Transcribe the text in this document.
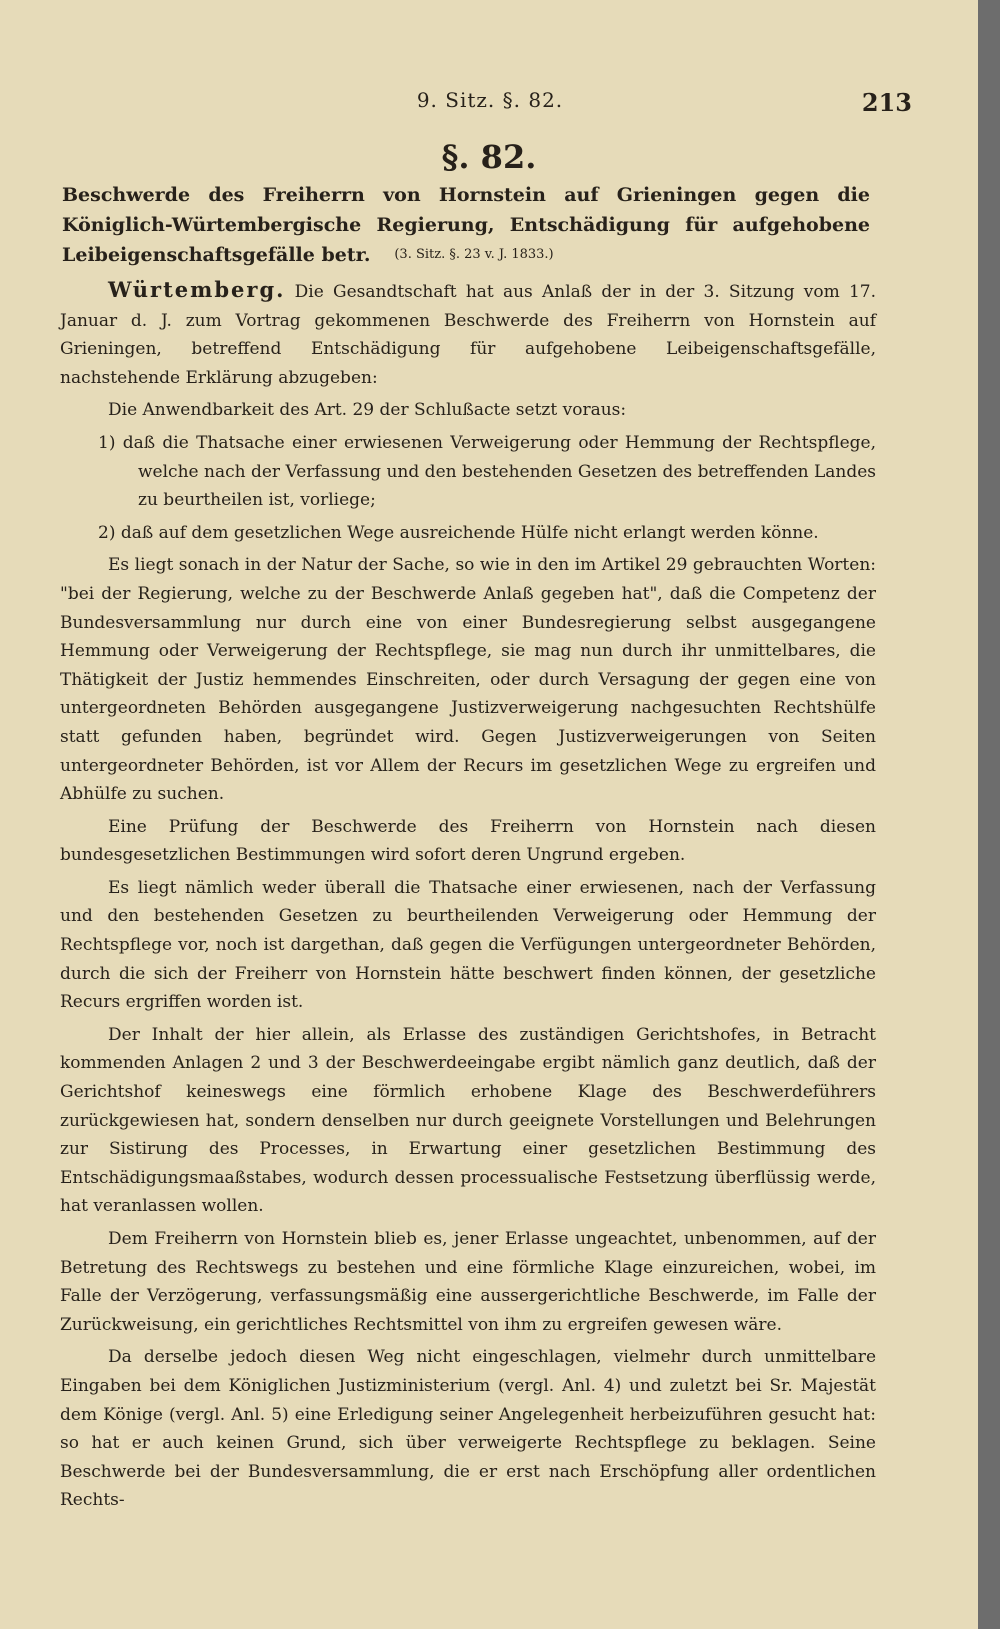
9. Sitz. §. 82.	213
§. 82.
Beschwerde des Freiherrn von Hornstein auf Grieningen gegen die Königlich-Würtembergische Regierung, Entschädigung für aufgehobene Leibeigenschaftsgefälle betr.	(3. Sitz. §. 23 v. J. 1833.)

Würtemberg. Die Gesandtschaft hat aus Anlaß der in der 3. Sitzung vom 17. Januar d. J. zum Vortrag gekommenen Beschwerde des Freiherrn von Hornstein auf Grieningen, betreffend Entschädigung für aufgehobene Leibeigenschaftsgefälle, nachstehende Erklärung abzugeben:

Die Anwendbarkeit des Art. 29 der Schlußacte setzt voraus:

1) daß die Thatsache einer erwiesenen Verweigerung oder Hemmung der Rechtspflege, welche nach der Verfassung und den bestehenden Gesetzen des betreffenden Landes zu beurtheilen ist, vorliege;

2) daß auf dem gesetzlichen Wege ausreichende Hülfe nicht erlangt werden könne.

Es liegt sonach in der Natur der Sache, so wie in den im Artikel 29 gebrauchten Worten: "bei der Regierung, welche zu der Beschwerde Anlaß gegeben hat", daß die Competenz der Bundesversammlung nur durch eine von einer Bundesregierung selbst ausgegangene Hemmung oder Verweigerung der Rechtspflege, sie mag nun durch ihr unmittelbares, die Thätigkeit der Justiz hemmendes Einschreiten, oder durch Versagung der gegen eine von untergeordneten Behörden ausgegangene Justizverweigerung nachgesuchten Rechtshülfe statt gefunden haben, begründet wird. Gegen Justizverweigerungen von Seiten untergeordneter Behörden, ist vor Allem der Recurs im gesetzlichen Wege zu ergreifen und Abhülfe zu suchen.

Eine Prüfung der Beschwerde des Freiherrn von Hornstein nach diesen bundesgesetzlichen Bestimmungen wird sofort deren Ungrund ergeben.

Es liegt nämlich weder überall die Thatsache einer erwiesenen, nach der Verfassung und den bestehenden Gesetzen zu beurtheilenden Verweigerung oder Hemmung der Rechtspflege vor, noch ist dargethan, daß gegen die Verfügungen untergeordneter Behörden, durch die sich der Freiherr von Hornstein hätte beschwert finden können, der gesetzliche Recurs ergriffen worden ist.

Der Inhalt der hier allein, als Erlasse des zuständigen Gerichtshofes, in Betracht kommenden Anlagen 2 und 3 der Beschwerdeeingabe ergibt nämlich ganz deutlich, daß der Gerichtshof keineswegs eine förmlich erhobene Klage des Beschwerdeführers zurückgewiesen hat, sondern denselben nur durch geeignete Vorstellungen und Belehrungen zur Sistirung des Processes, in Erwartung einer gesetzlichen Bestimmung des Entschädigungsmaaßstabes, wodurch dessen processualische Festsetzung überflüssig werde, hat veranlassen wollen.

Dem Freiherrn von Hornstein blieb es, jener Erlasse ungeachtet, unbenommen, auf der Betretung des Rechtswegs zu bestehen und eine förmliche Klage einzureichen, wobei, im Falle der Verzögerung, verfassungsmäßig eine aussergerichtliche Beschwerde, im Falle der Zurückweisung, ein gerichtliches Rechtsmittel von ihm zu ergreifen gewesen wäre.

Da derselbe jedoch diesen Weg nicht eingeschlagen, vielmehr durch unmittelbare Eingaben bei dem Königlichen Justizministerium (vergl. Anl. 4) und zuletzt bei Sr. Majestät dem Könige (vergl. Anl. 5) eine Erledigung seiner Angelegenheit herbeizuführen gesucht hat: so hat er auch keinen Grund, sich über verweigerte Rechtspflege zu beklagen. Seine Beschwerde bei der Bundesversammlung, die er erst nach Erschöpfung aller ordentlichen Rechts-
